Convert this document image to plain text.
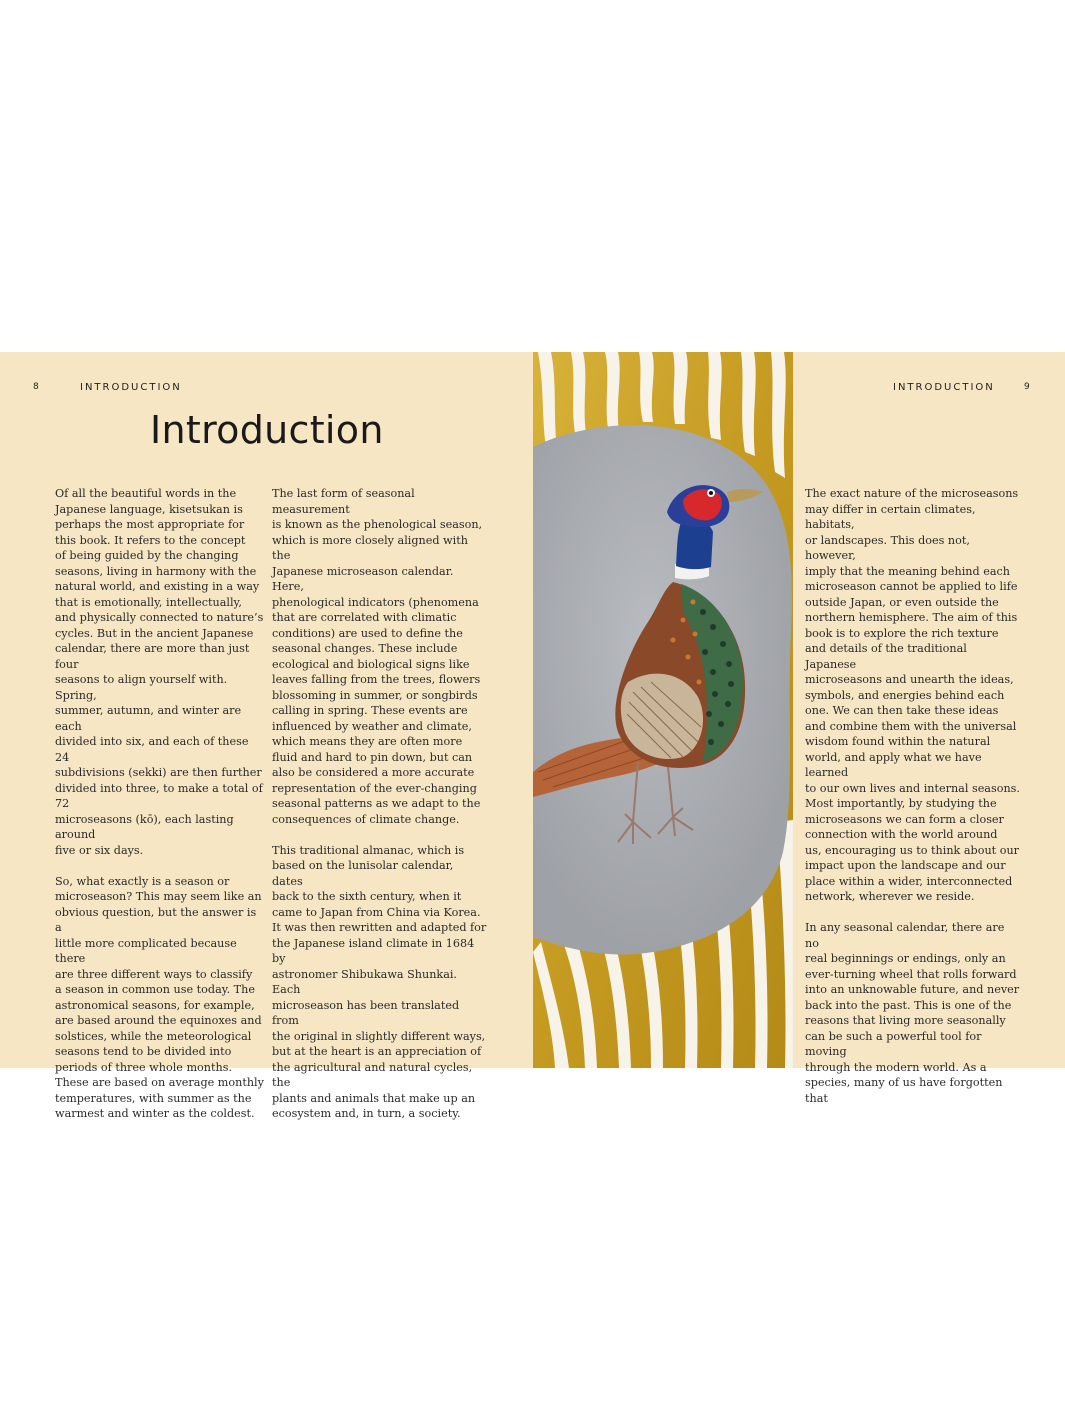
8	INTRODUCTION
Introduction

Of all the beautiful words in the
Japanese language, kisetsukan is
perhaps the most appropriate for
this book. It refers to the concept
of being guided by the changing
seasons, living in harmony with the
natural world, and existing in a way
that is emotionally, intellectually,
and physically connected to nature’s
cycles. But in the ancient Japanese
calendar, there are more than just four
seasons to align yourself with. Spring,
summer, autumn, and winter are each
divided into six, and each of these 24
subdivisions (sekki) are then further
divided into three, to make a total of 72
microseasons (kō), each lasting around
five or six days.

So, what exactly is a season or
microseason? This may seem like an
obvious question, but the answer is a
little more complicated because there
are three different ways to classify
a season in common use today. The
astronomical seasons, for example,
are based around the equinoxes and
solstices, while the meteorological
seasons tend to be divided into
periods of three whole months.
These are based on average monthly
temperatures, with summer as the
warmest and winter as the coldest.

The last form of seasonal measurement
is known as the phenological season,
which is more closely aligned with the
Japanese microseason calendar. Here,
phenological indicators (phenomena
that are correlated with climatic
conditions) are used to define the
seasonal changes. These include
ecological and biological signs like
leaves falling from the trees, flowers
blossoming in summer, or songbirds
calling in spring. These events are
influenced by weather and climate,
which means they are often more
fluid and hard to pin down, but can
also be considered a more accurate
representation of the ever-changing
seasonal patterns as we adapt to the
consequences of climate change.

This traditional almanac, which is
based on the lunisolar calendar, dates
back to the sixth century, when it
came to Japan from China via Korea.
It was then rewritten and adapted for
the Japanese island climate in 1684 by
astronomer Shibukawa Shunkai. Each
microseason has been translated from
the original in slightly different ways,
but at the heart is an appreciation of
the agricultural and natural cycles, the
plants and animals that make up an
ecosystem and, in turn, a society.

INTRODUCTION	9

The exact nature of the microseasons
may differ in certain climates, habitats,
or landscapes. This does not, however,
imply that the meaning behind each
microseason cannot be applied to life
outside Japan, or even outside the
northern hemisphere. The aim of this
book is to explore the rich texture
and details of the traditional Japanese
microseasons and unearth the ideas,
symbols, and energies behind each
one. We can then take these ideas
and combine them with the universal
wisdom found within the natural
world, and apply what we have learned
to our own lives and internal seasons.
Most importantly, by studying the
microseasons we can form a closer
connection with the world around
us, encouraging us to think about our
impact upon the landscape and our
place within a wider, interconnected
network, wherever we reside.

In any seasonal calendar, there are no
real beginnings or endings, only an
ever-turning wheel that rolls forward
into an unknowable future, and never
back into the past. This is one of the
reasons that living more seasonally
can be such a powerful tool for moving
through the modern world. As a
species, many of us have forgotten that
